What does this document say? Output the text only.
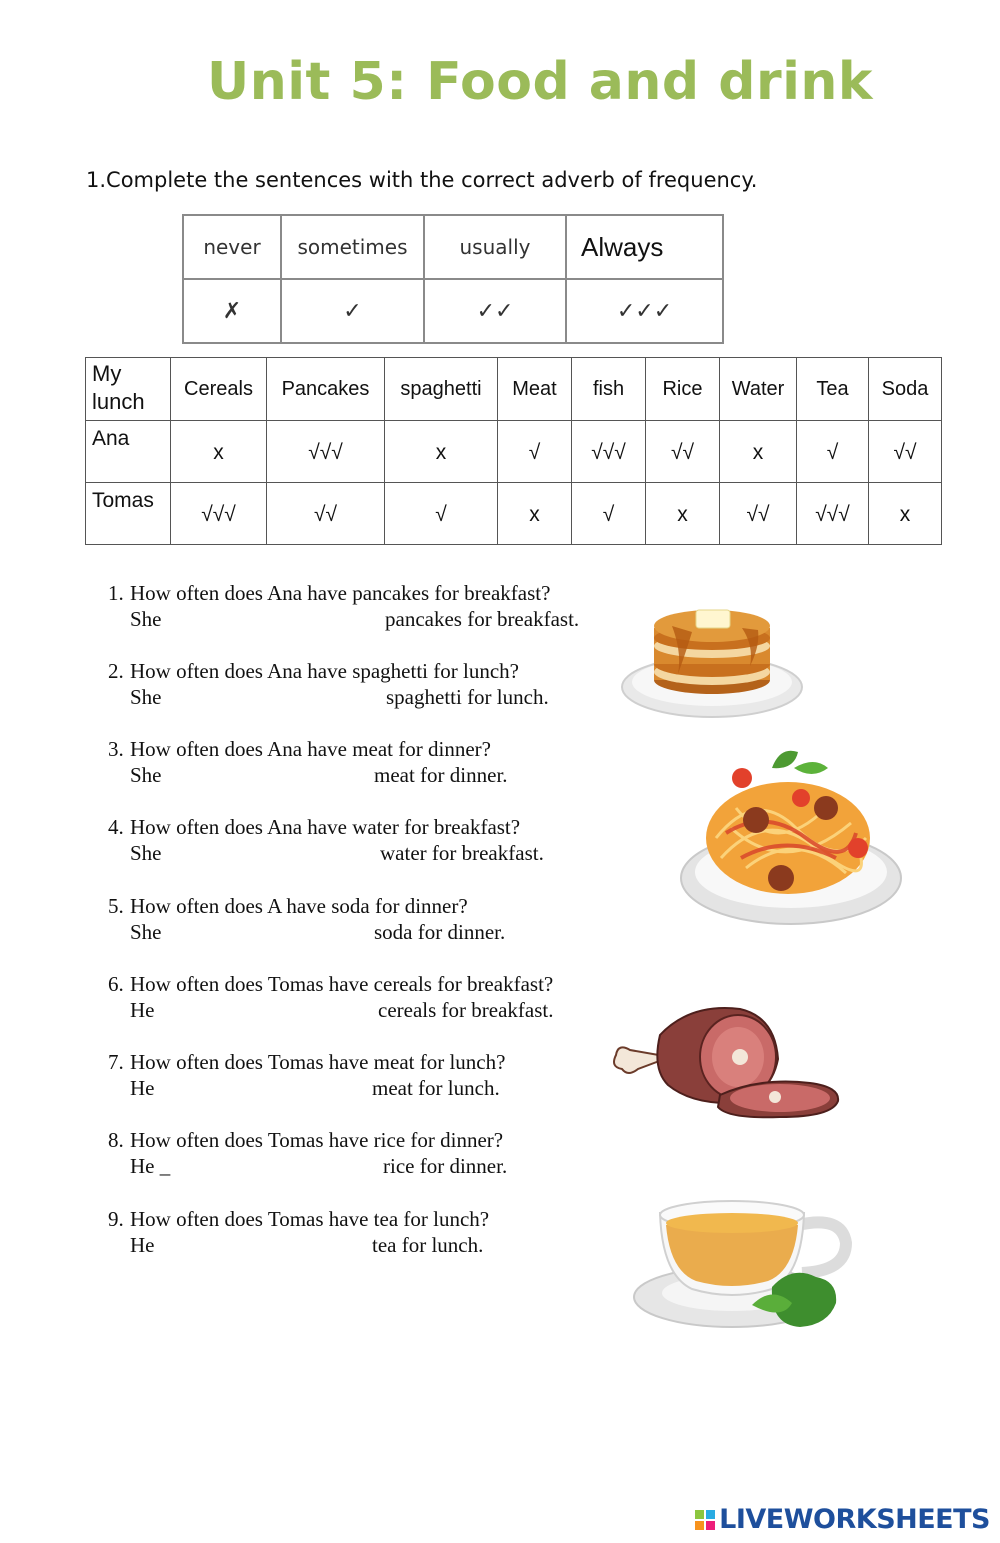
Unit 5: Food and drink
1.Complete the sentences with the correct adverb of frequency.
never	sometimes	usually	Always
✗	✓	✓✓	✓✓✓
My lunch	Cereals	Pancakes	spaghetti	Meat	fish	Rice	Water	Tea	Soda
Ana	x	√√√	x	√	√√√	√√	x	√	√√
Tomas	√√√	√√	√	x	√	x	√√	√√√	x
1. How often does Ana have pancakes for breakfast?
She	pancakes for breakfast.
2. How often does Ana have spaghetti for lunch?
She	spaghetti for lunch.
3. How often does Ana have meat for dinner?
She	meat for dinner.
4. How often does Ana have water for breakfast?
She	water for breakfast.
5. How often does A have soda for dinner?
She	soda for dinner.
6. How often does Tomas have cereals for breakfast?
He	cereals for breakfast.
7. How often does Tomas have meat for lunch?
He	meat for lunch.
8. How often does Tomas have rice for dinner?
He _	rice for dinner.
9. How often does Tomas have tea for lunch?
He	tea for lunch.
LIVEWORKSHEETS
